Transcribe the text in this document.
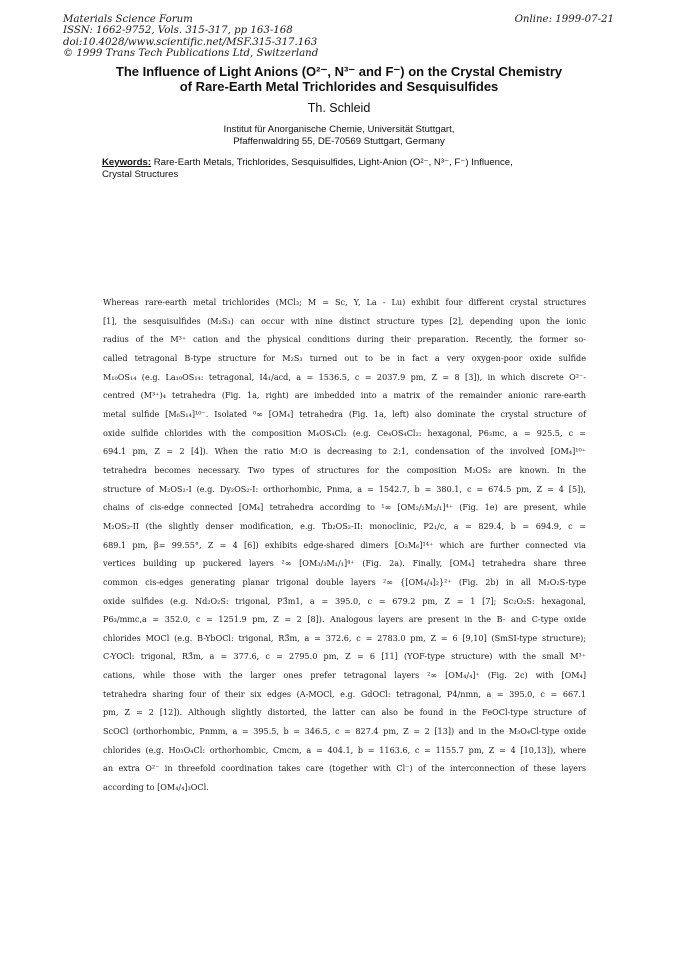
Materials Science Forum
ISSN: 1662-9752, Vols. 315-317, pp 163-168
doi:10.4028/www.scientific.net/MSF.315-317.163
© 1999 Trans Tech Publications Ltd, Switzerland
Online: 1999-07-21
The Influence of Light Anions (O²⁻, N³⁻ and F⁻) on the Crystal Chemistry
of Rare-Earth Metal Trichlorides and Sesquisulfides
Th. Schleid
Institut für Anorganische Chemie, Universität Stuttgart,
Pfaffenwaldring 55, DE-70569 Stuttgart, Germany
Keywords: Rare-Earth Metals, Trichlorides, Sesquisulfides, Light-Anion (O²⁻, N³⁻, F⁻) Influence,
Crystal Structures
Whereas rare-earth metal trichlorides (MCl₃; M = Sc, Y, La - Lu) exhibit four different crystal structures
[1], the sesquisulfides (M₂S₃) can occur with nine distinct structure types [2], depending upon the ionic
radius of the M³⁺ cation and the physical conditions during their preparation. Recently, the former so-
called tetragonal B-type structure for M₂S₃ turned out to be in fact a very oxygen-poor oxide sulfide
M₁₀OS₁₄ (e.g. La₁₀OS₁₄: tetragonal, I4₁/acd, a = 1536.5, c = 2037.9 pm, Z = 8 [3]), in which discrete O²⁻-
centred (M³⁺)₄ tetrahedra (Fig. 1a, right) are imbedded into a matrix of the remainder anionic rare-earth
metal sulfide [M₆S₁₄]¹⁰⁻. Isolated ⁰∞ [OM₄] tetrahedra (Fig. 1a, left) also dominate the crystal structure of
oxide sulfide chlorides with the composition M₄OS₄Cl₂ (e.g. Ce₄OS₄Cl₂: hexagonal, P6₃mc, a = 925.5, c =
694.1 pm, Z = 2 [4]). When the ratio M:O is decreasing to 2:1, condensation of the involved [OM₄]¹⁰⁺
tetrahedra becomes necessary. Two types of structures for the composition M₂OS₂ are known. In the
structure of M₂OS₂-I (e.g. Dy₂OS₂-I: orthorhombic, Pnma, a = 1542.7, b = 380.1, c = 674.5 pm, Z = 4 [5]),
chains of cis-edge connected [OM₄] tetrahedra according to ¹∞ [OM₂/₂M₂/₁]⁴⁺ (Fig. 1e) are present, while
M₂OS₂-II (the slightly denser modification, e.g. Tb₂OS₂-II: monoclinic, P2₁/c, a = 829.4, b = 694.9, c =
689.1 pm, β= 99.55°, Z = 4 [6]) exhibits edge-shared dimers [O₂M₆]¹⁴⁺ which are further connected via
vertices building up puckered layers ²∞ [OM₃/₃M₁/₁]⁴⁺ (Fig. 2a). Finally, [OM₄] tetrahedra share three
common cis-edges generating planar trigonal double layers ²∞ {[OM₄/₄]₂}²⁺ (Fig. 2b) in all M₂O₂S-type
oxide sulfides (e.g. Nd₂O₂S: trigonal, P3̄m1, a = 395.0, c = 679.2 pm, Z = 1 [7]; Sc₂O₂S: hexagonal,
P6₃/mmc,a = 352.0, c = 1251.9 pm, Z = 2 [8]). Analogous layers are present in the B- and C-type oxide
chlorides MOCl (e.g. B-YbOCl: trigonal, R3̄m, a = 372.6, c = 2783.0 pm, Z = 6 [9,10] (SmSI-type structure);
C-YOCl: trigonal, R3̄m, a = 377.6, c = 2795.0 pm, Z = 6 [11] (YOF-type structure) with the small M³⁺
cations, while those with the larger ones prefer tetragonal layers ²∞ [OM₄/₄]⁺ (Fig. 2c) with [OM₄]
tetrahedra sharing four of their six edges (A-MOCl, e.g. GdOCl: tetragonal, P4/nmn, a = 395.0, c = 667.1
pm, Z = 2 [12]). Although slightly distorted, the latter can also be found in the FeOCl-type structure of
ScOCl (orthorhombic, Pnmm, a = 395.5, b = 346.5, c = 827.4 pm, Z = 2 [13]) and in the M₃O₄Cl-type oxide
chlorides (e.g. Ho₃O₄Cl: orthorhombic, Cmcm, a = 404.1, b = 1163.6, c = 1155.7 pm, Z = 4 [10,13]), where
an extra O²⁻ in threefold coordination takes care (together with Cl⁻) of the interconnection of these layers
according to [OM₄/₄]₃OCl.
